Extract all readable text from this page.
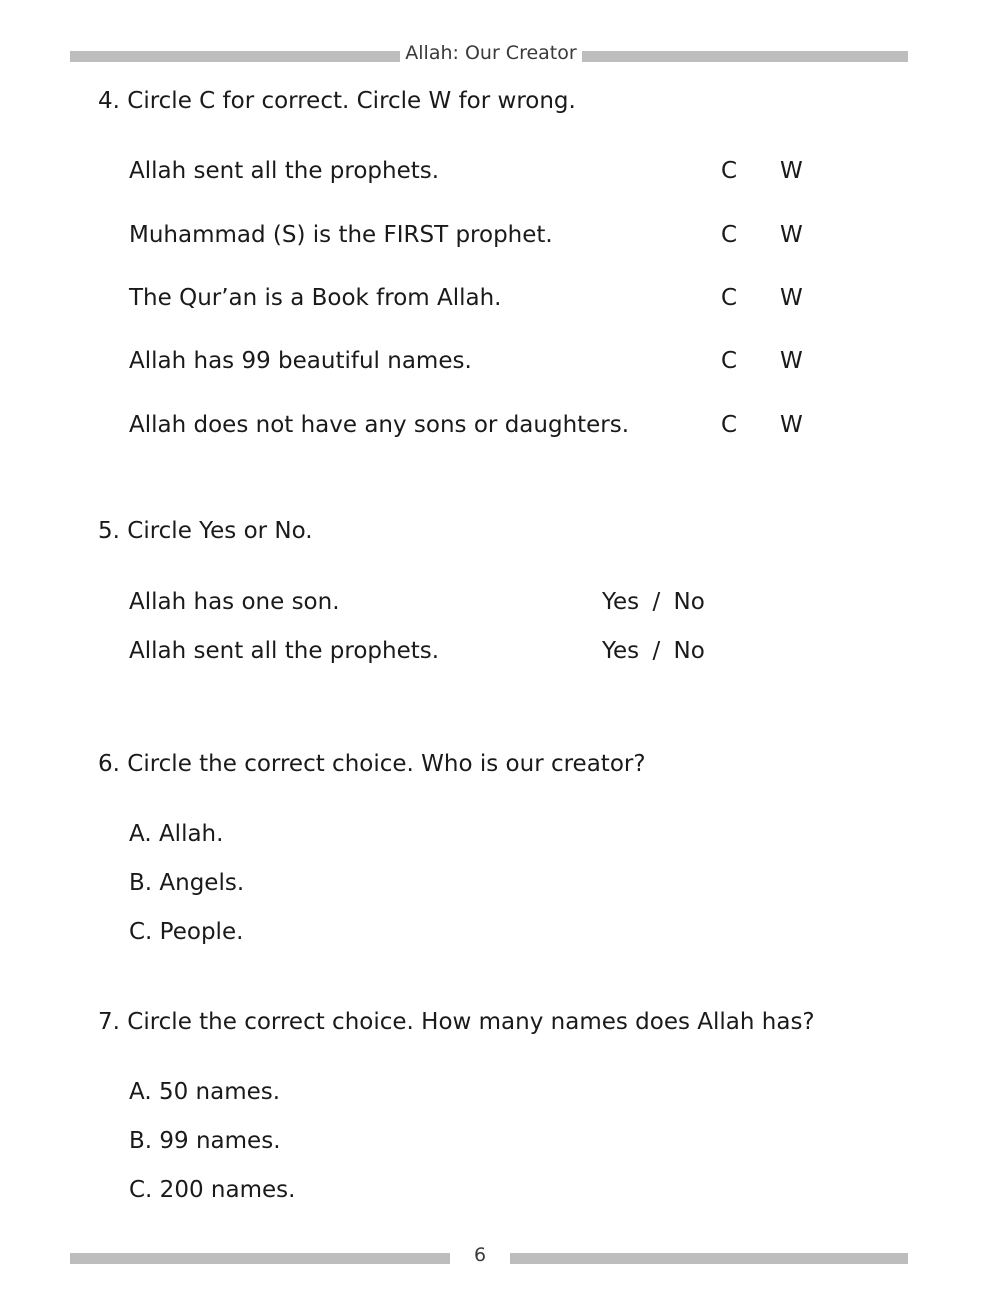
Allah: Our Creator
4. Circle C for correct. Circle W for wrong.
Allah sent all the prophets.	C W
Muhammad (S) is the FIRST prophet.	C W
The Qur’an is a Book from Allah.	C W
Allah has 99 beautiful names.	C W
Allah does not have any sons or daughters.	C W
5. Circle Yes or No.
Allah has one son.	Yes / No
Allah sent all the prophets.	Yes / No
6. Circle the correct choice. Who is our creator?
A. Allah.
B. Angels.
C. People.
7. Circle the correct choice. How many names does Allah has?
A. 50 names.
B. 99 names.
C. 200 names.
6
